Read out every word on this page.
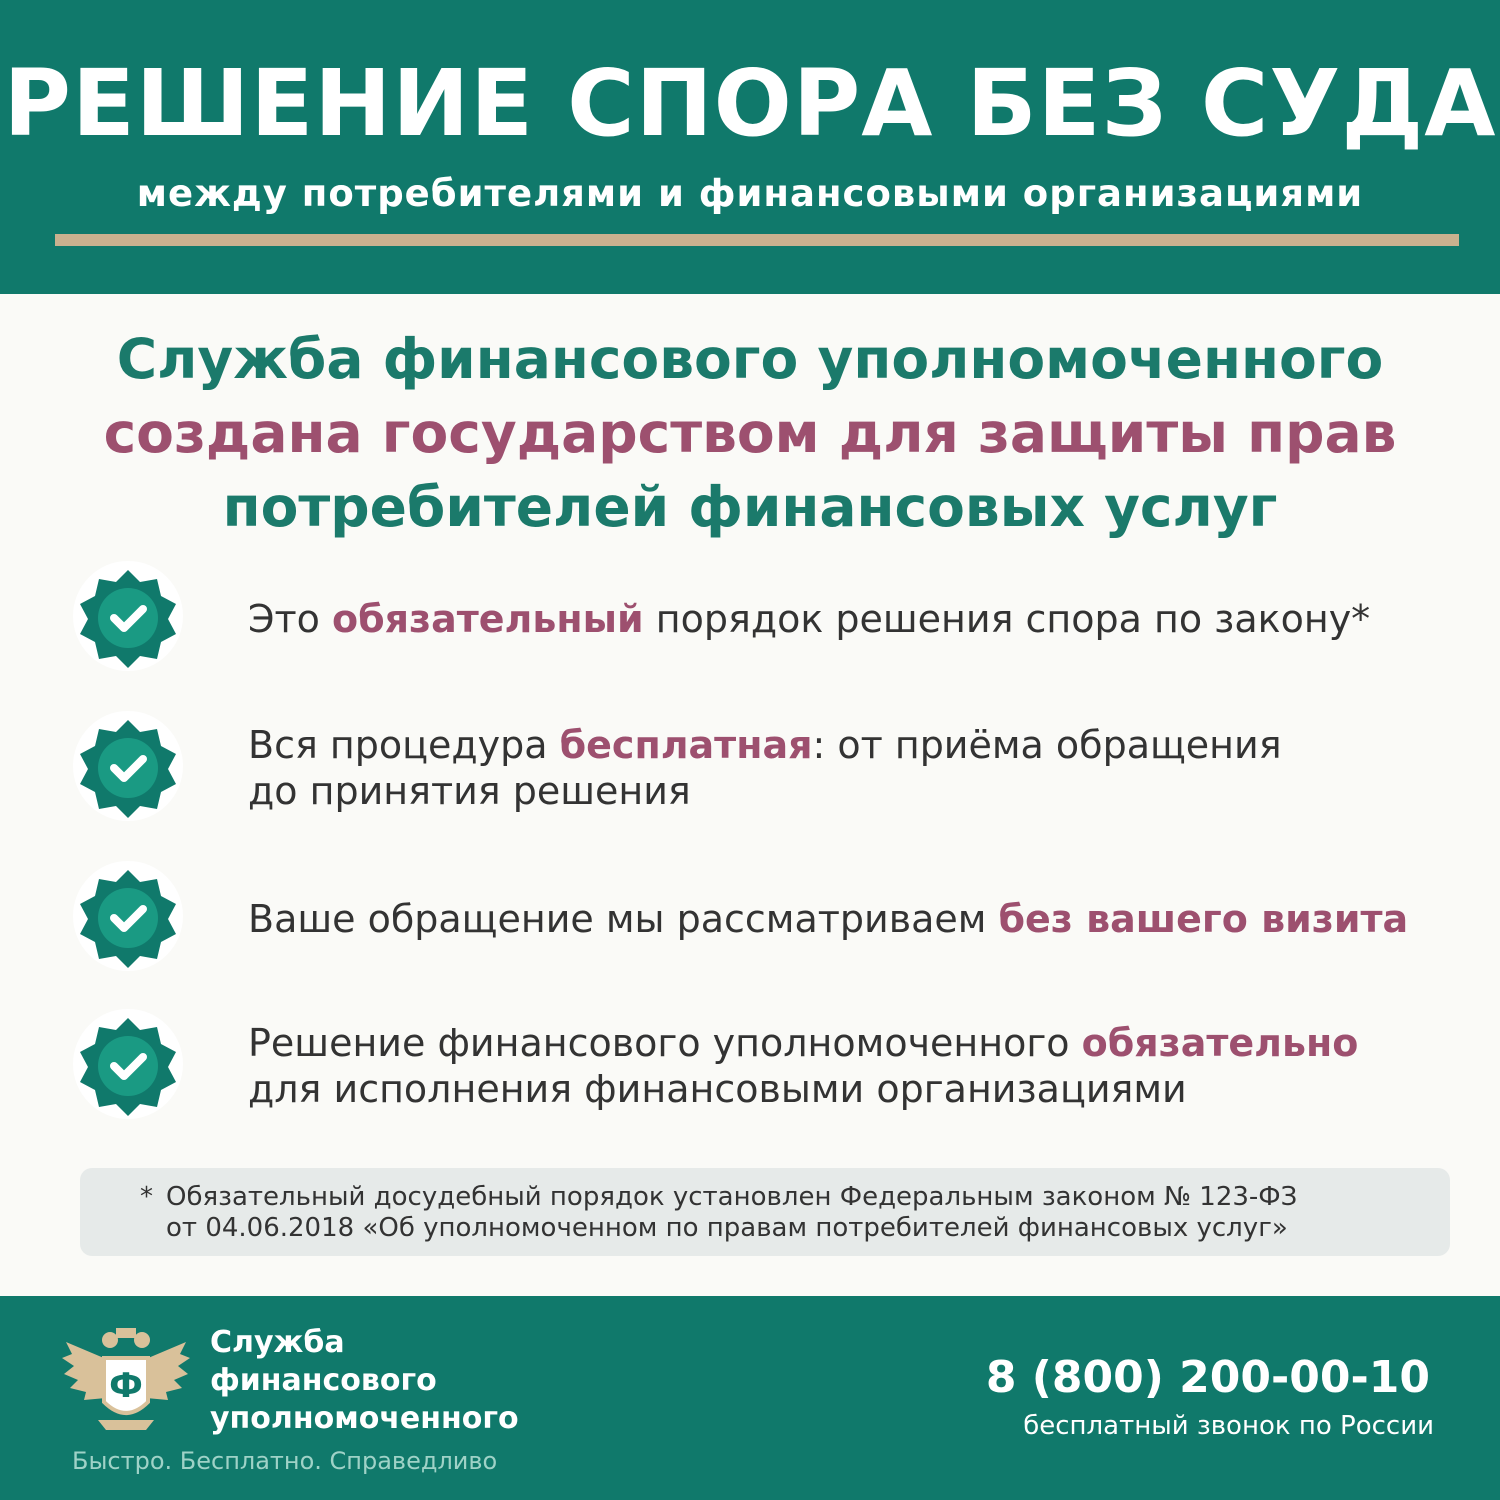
РЕШЕНИЕ СПОРА БЕЗ СУДА
между потребителями и финансовыми организациями
Служба финансового уполномоченного
создана государством для защиты прав
потребителей финансовых услуг
Это обязательный порядок решения спора по закону*
Вся процедура бесплатная: от приёма обращения
до принятия решения
Ваше обращение мы рассматриваем без вашего визита
Решение финансового уполномоченного обязательно
для исполнения финансовыми организациями
* Обязательный досудебный порядок установлен Федеральным законом № 123-ФЗ
от 04.06.2018 «Об уполномоченном по правам потребителей финансовых услуг»
Ф
Служба
финансового
уполномоченного
Быстро. Бесплатно. Справедливо
8 (800) 200-00-10
бесплатный звонок по России
